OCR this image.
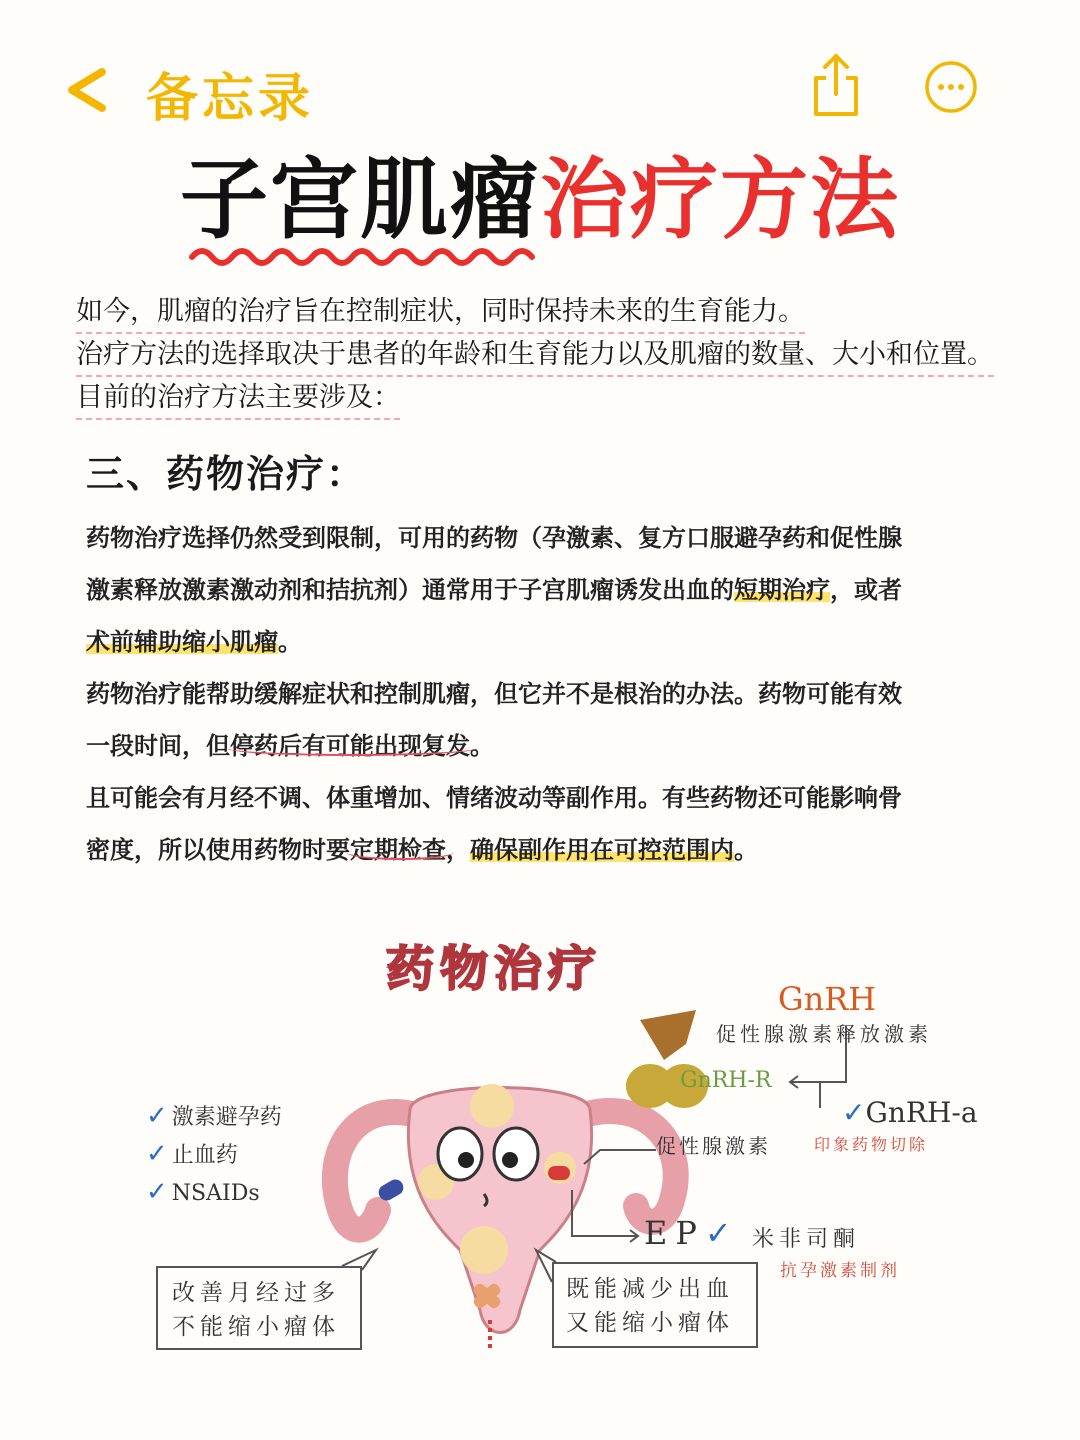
备忘录
子宫肌瘤治疗方法

如今，肌瘤的治疗旨在控制症状，同时保持未来的生育能力。

治疗方法的选择取决于患者的年龄和生育能力以及肌瘤的数量、大小和位置。

目前的治疗方法主要涉及：

三、药物治疗：
药物治疗选择仍然受到限制，可用的药物（孕激素、复方口服避孕药和促性腺
激素释放激素激动剂和拮抗剂）通常用于子宫肌瘤诱发出血的短期治疗，或者
术前辅助缩小肌瘤。
药物治疗能帮助缓解症状和控制肌瘤，但它并不是根治的办法。药物可能有效
一段时间，但停药后有可能出现复发。
且可能会有月经不调、体重增加、情绪波动等副作用。有些药物还可能影响骨
密度，所以使用药物时要定期检查，确保副作用在可控范围内。
药物治疗
GnRH
促性腺激素释放激素
GnRH-R
✓GnRH-a
印象药物切除
促性腺激素
✓ 激素避孕药
✓ 止血药
✓ NSAIDs
EP✓ 米非司酮
抗孕激素制剂
改善月经过多
不能缩小瘤体
既能减少出血
又能缩小瘤体
